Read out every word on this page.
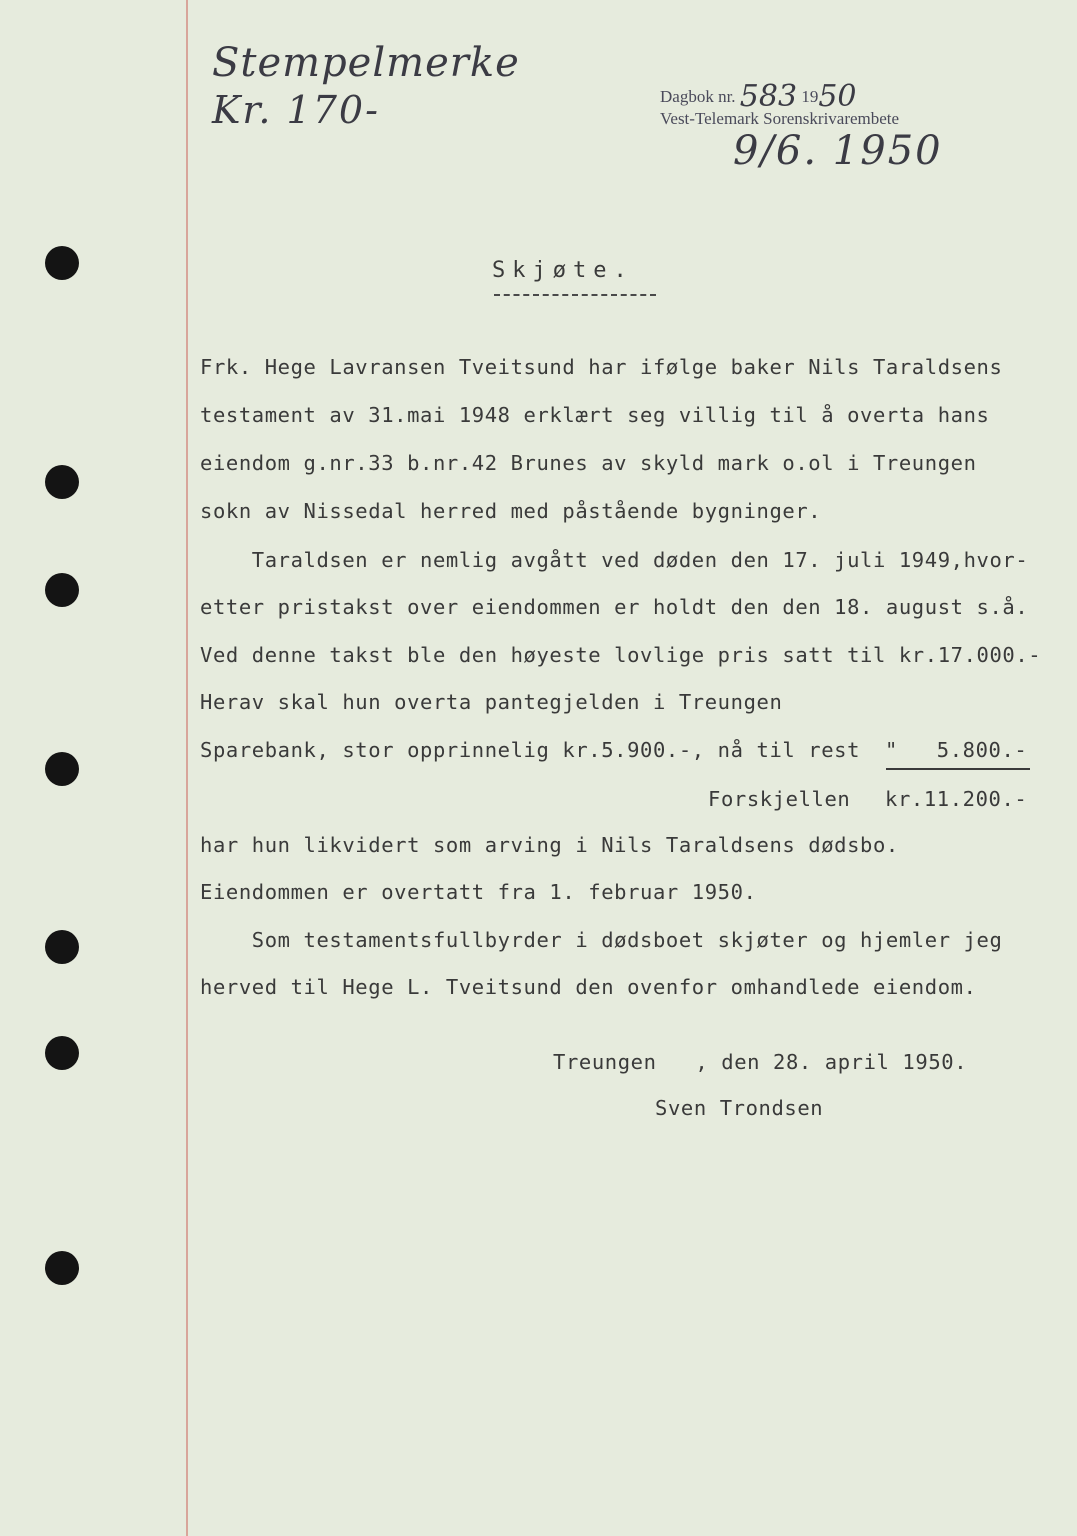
Stempelmerke
Kr. 170-	Dagbok nr. 583 1950
Vest-Telemark Sorenskrivarembete
9/6. 1950
Skjøte.
Frk. Hege Lavransen Tveitsund har ifølge baker Nils Taraldsens
testament av 31.mai 1948 erklært seg villig til å overta hans
eiendom g.nr.33 b.nr.42 Brunes av skyld mark o.ol i Treungen
sokn av Nissedal herred med påstående bygninger.
Taraldsen er nemlig avgått ved døden den 17. juli 1949,hvor-
etter pristakst over eiendommen er holdt den den 18. august s.å.
Ved denne takst ble den høyeste lovlige pris satt til kr.17.000.-
Herav skal hun overta pantegjelden i Treungen
Sparebank, stor opprinnelig kr.5.900.-, nå til rest "   5.800.-
Forskjellen kr.11.200.-
har hun likvidert som arving i Nils Taraldsens dødsbo.
Eiendommen er overtatt fra 1. februar 1950.
Som testamentsfullbyrder i dødsboet skjøter og hjemler jeg
herved til Hege L. Tveitsund den ovenfor omhandlede eiendom.
Treungen   , den 28. april 1950.
Sven Trondsen
